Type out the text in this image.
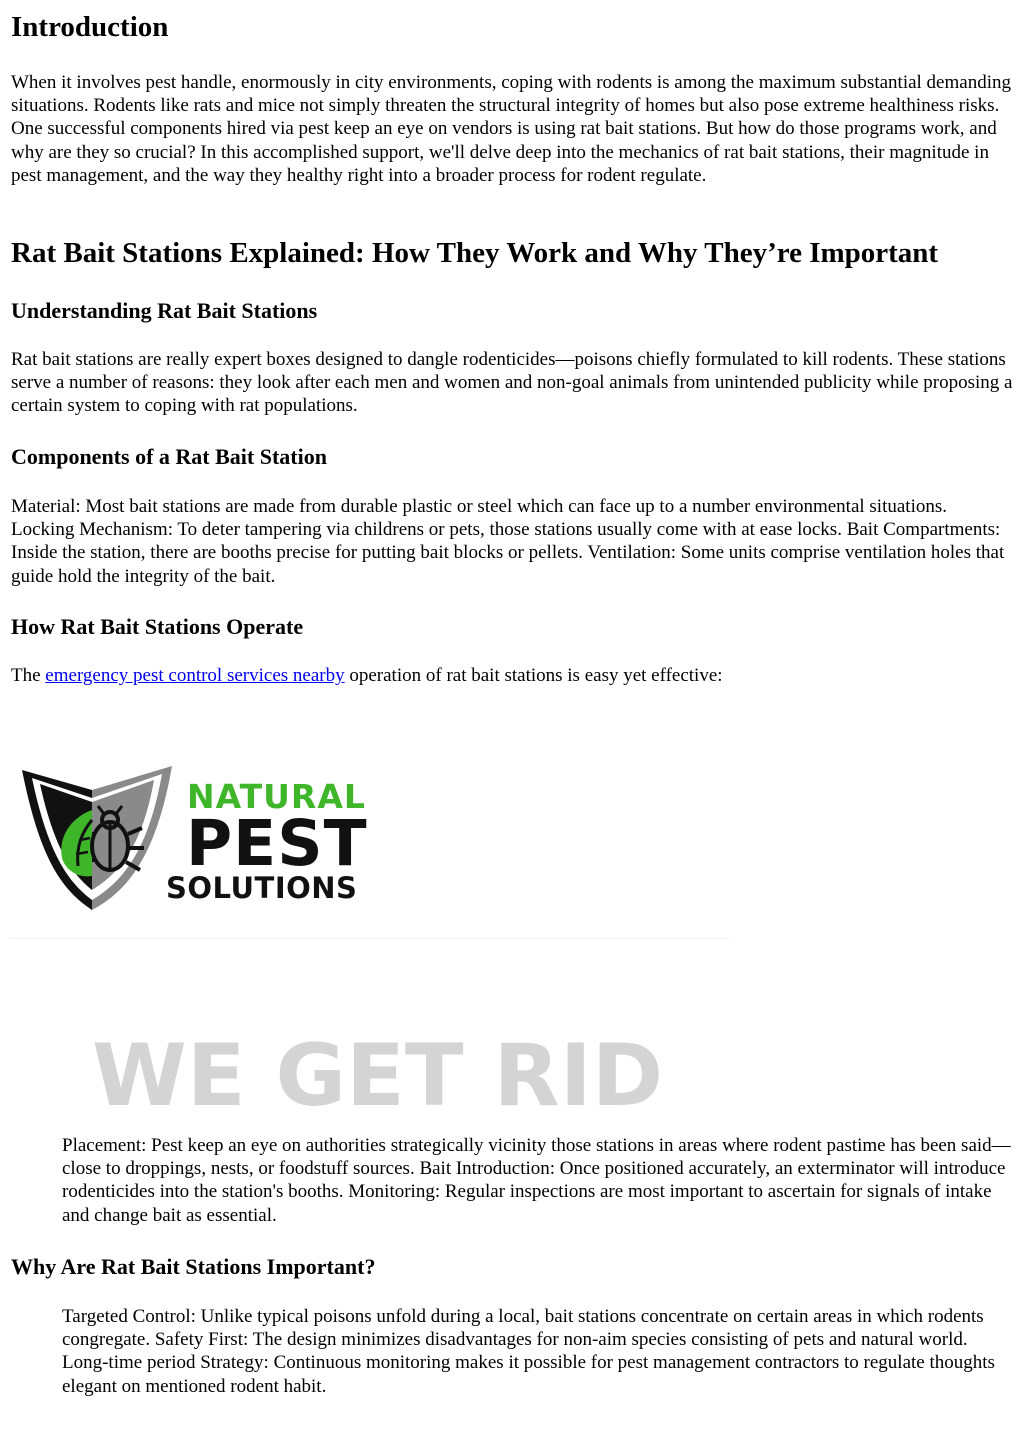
Introduction

When it involves pest handle, enormously in city environments, coping with rodents is among the maximum substantial demanding situations. Rodents like rats and mice not simply threaten the structural integrity of homes but also pose extreme healthiness risks. One successful components hired via pest keep an eye on vendors is using rat bait stations. But how do those programs work, and why are they so crucial? In this accomplished support, we'll delve deep into the mechanics of rat bait stations, their magnitude in pest management, and the way they healthy right into a broader process for rodent regulate.

Rat Bait Stations Explained: How They Work and Why They’re Important
Understanding Rat Bait Stations

Rat bait stations are really expert boxes designed to dangle rodenticides—poisons chiefly formulated to kill rodents. These stations serve a number of reasons: they look after each men and women and non-goal animals from unintended publicity while proposing a certain system to coping with rat populations.

Components of a Rat Bait Station

Material: Most bait stations are made from durable plastic or steel which can face up to a number environmental situations. Locking Mechanism: To deter tampering via childrens or pets, those stations usually come with at ease locks. Bait Compartments: Inside the station, there are booths precise for putting bait blocks or pellets. Ventilation: Some units comprise ventilation holes that guide hold the integrity of the bait.

How Rat Bait Stations Operate

The emergency pest control services nearby operation of rat bait stations is easy yet effective:

Placement: Pest keep an eye on authorities strategically vicinity those stations in areas where rodent pastime has been said—close to droppings, nests, or foodstuff sources. Bait Introduction: Once positioned accurately, an exterminator will introduce rodenticides into the station's booths. Monitoring: Regular inspections are most important to ascertain for signals of intake and change bait as essential.

Why Are Rat Bait Stations Important?

Targeted Control: Unlike typical poisons unfold during a local, bait stations concentrate on certain areas in which rodents congregate. Safety First: The design minimizes disadvantages for non-aim species consisting of pets and natural world. Long-time period Strategy: Continuous monitoring makes it possible for pest management contractors to regulate thoughts elegant on mentioned rodent habit.

NATURAL
PEST
SOLUTIONS
WE GET RID
